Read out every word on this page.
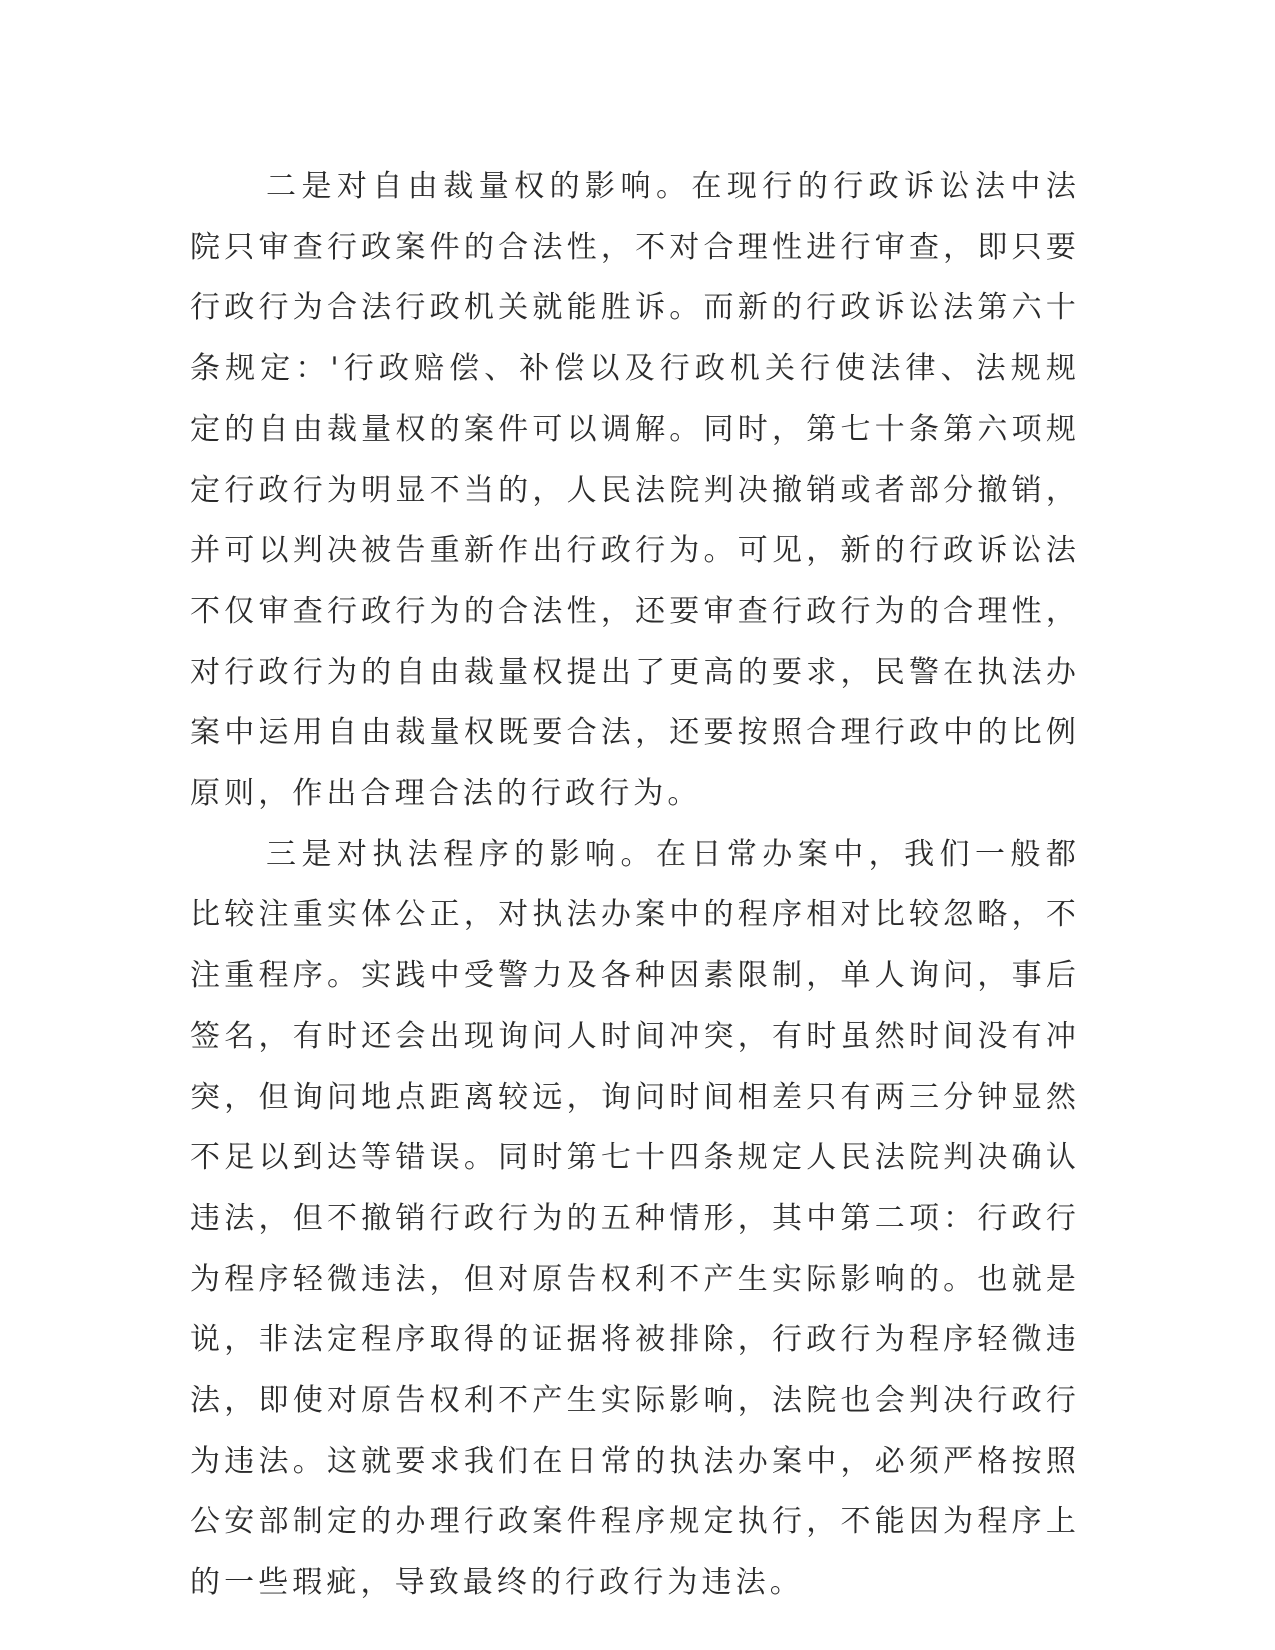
二是对自由裁量权的影响。在现行的行政诉讼法中法院只审查行政案件的合法性，不对合理性进行审查，即只要行政行为合法行政机关就能胜诉。而新的行政诉讼法第六十条规定：'行政赔偿、补偿以及行政机关行使法律、法规规定的自由裁量权的案件可以调解。同时，第七十条第六项规定行政行为明显不当的，人民法院判决撤销或者部分撤销，并可以判决被告重新作出行政行为。可见，新的行政诉讼法不仅审查行政行为的合法性，还要审查行政行为的合理性，对行政行为的自由裁量权提出了更高的要求，民警在执法办案中运用自由裁量权既要合法，还要按照合理行政中的比例原则，作出合理合法的行政行为。

三是对执法程序的影响。在日常办案中，我们一般都比较注重实体公正，对执法办案中的程序相对比较忽略，不注重程序。实践中受警力及各种因素限制，单人询问，事后签名，有时还会出现询问人时间冲突，有时虽然时间没有冲突，但询问地点距离较远，询问时间相差只有两三分钟显然不足以到达等错误。同时第七十四条规定人民法院判决确认违法，但不撤销行政行为的五种情形，其中第二项：行政行为程序轻微违法，但对原告权利不产生实际影响的。也就是说，非法定程序取得的证据将被排除，行政行为程序轻微违法，即使对原告权利不产生实际影响，法院也会判决行政行为违法。这就要求我们在日常的执法办案中，必须严格按照公安部制定的办理行政案件程序规定执行，不能因为程序上的一些瑕疵，导致最终的行政行为违法。
